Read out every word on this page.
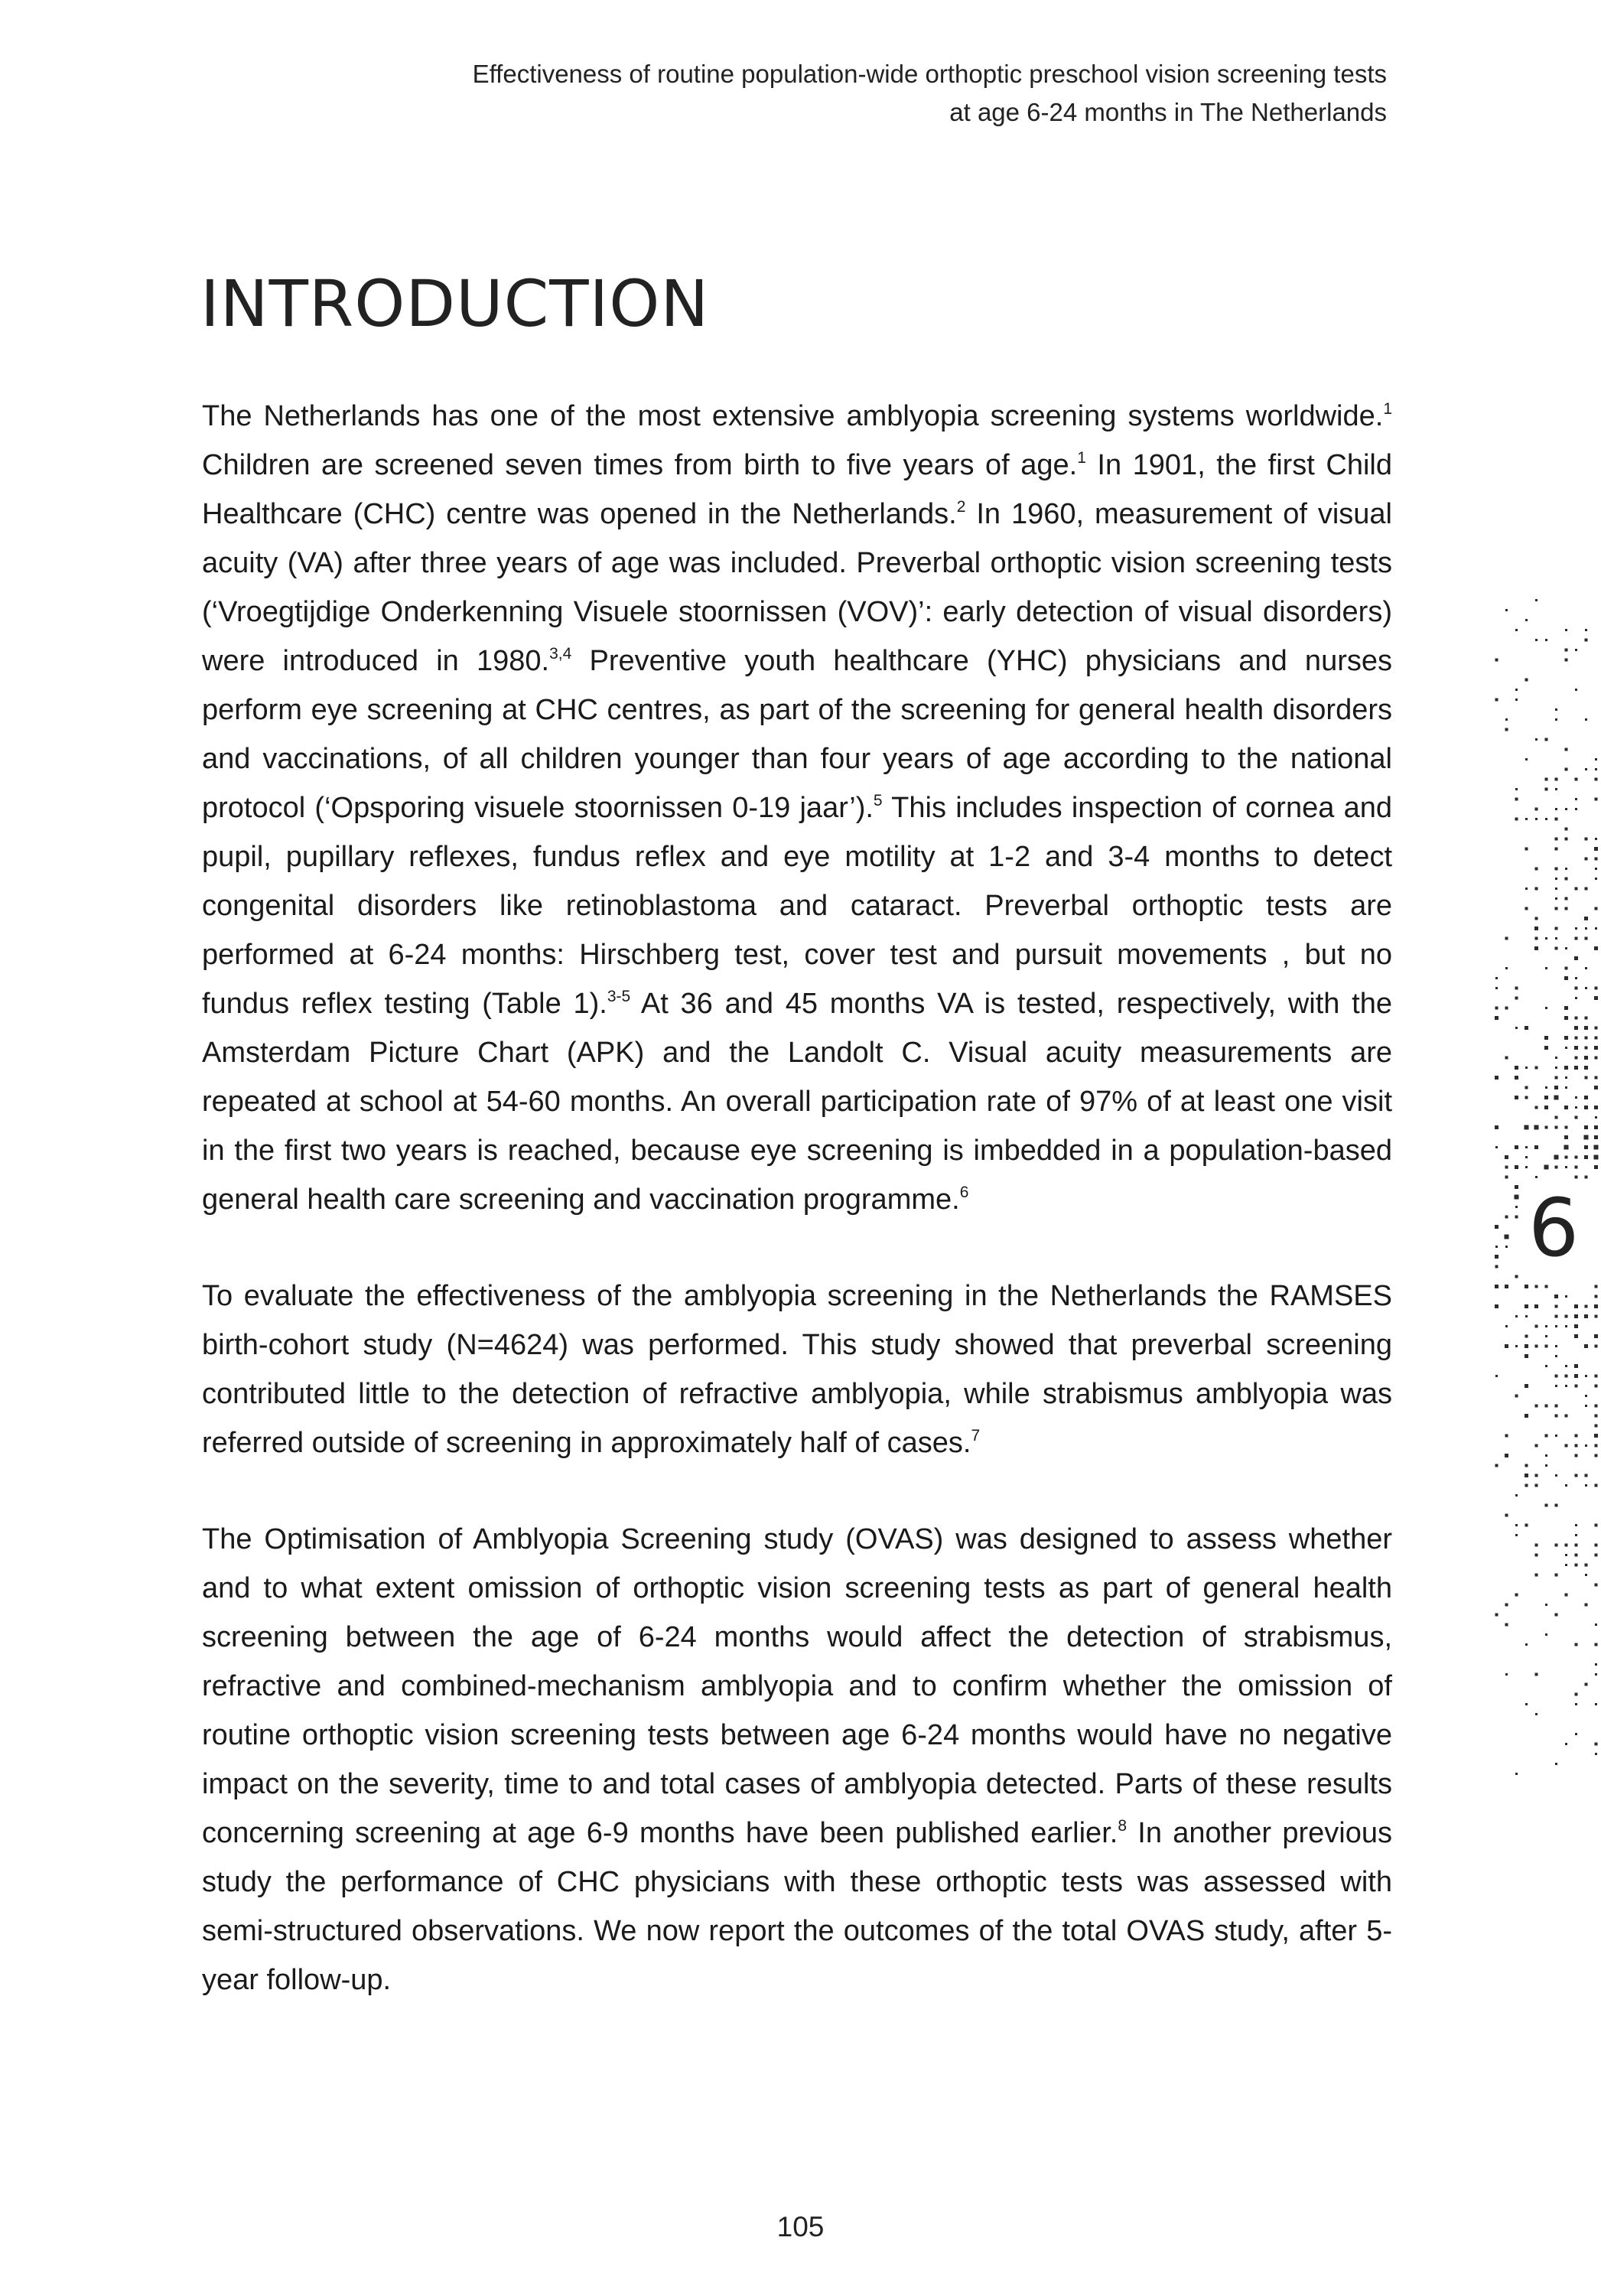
Effectiveness of routine population-wide orthoptic preschool vision screening tests
at age 6-24 months in The Netherlands
INTRODUCTION

The Netherlands has one of the most extensive amblyopia screening systems worldwide.$^1$ Children are screened seven times from birth to five years of age.$^1$ In 1901, the first Child Healthcare (CHC) centre was opened in the Netherlands.$^2$ In 1960, measurement of visual acuity (VA) after three years of age was included. Preverbal orthoptic vision screening tests (‘Vroegtijdige Onderkenning Visuele stoornissen (VOV)’: early detection of visual disorders) were introduced in 1980.$^{3,4}$ Preventive youth healthcare (YHC) physicians and nurses perform eye screening at CHC centres, as part of the screening for general health disorders and vaccinations, of all children younger than four years of age according to the national protocol (‘Opsporing visuele stoornissen 0-19 jaar’).$^5$ This includes inspection of cornea and pupil, pupillary reflexes, fundus reflex and eye motility at 1-2 and 3-4 months to detect congenital disorders like retinoblastoma and cataract. Preverbal orthoptic tests are performed at 6-24 months: Hirschberg test, cover test and pursuit movements , but no fundus reflex testing (Table 1).$^{3-5}$ At 36 and 45 months VA is tested, respectively, with the Amsterdam Picture Chart (APK) and the Landolt C. Visual acuity measurements are repeated at school at 54-60 months. An overall participation rate of 97% of at least one visit in the first two years is reached, because eye screening is imbedded in a population-based general health care screening and vaccination programme.$^6$

To evaluate the effectiveness of the amblyopia screening in the Netherlands the RAMSES birth-cohort study (N=4624) was performed. This study showed that preverbal screening contributed little to the detection of refractive amblyopia, while strabismus amblyopia was referred outside of screening in approximately half of cases.$^7$

The Optimisation of Amblyopia Screening study (OVAS) was designed to assess whether and to what extent omission of orthoptic vision screening tests as part of general health screening between the age of 6-24 months would affect the detection of strabismus, refractive and combined-mechanism amblyopia and to confirm whether the omission of routine orthoptic vision screening tests between age 6-24 months would have no negative impact on the severity, time to and total cases of amblyopia detected. Parts of these results concerning screening at age 6-9 months have been published earlier.$^8$ In another previous study the performance of CHC physicians with these orthoptic tests was assessed with semi-structured observations. We now report the outcomes of the total OVAS study, after 5-year follow-up.

6
105
